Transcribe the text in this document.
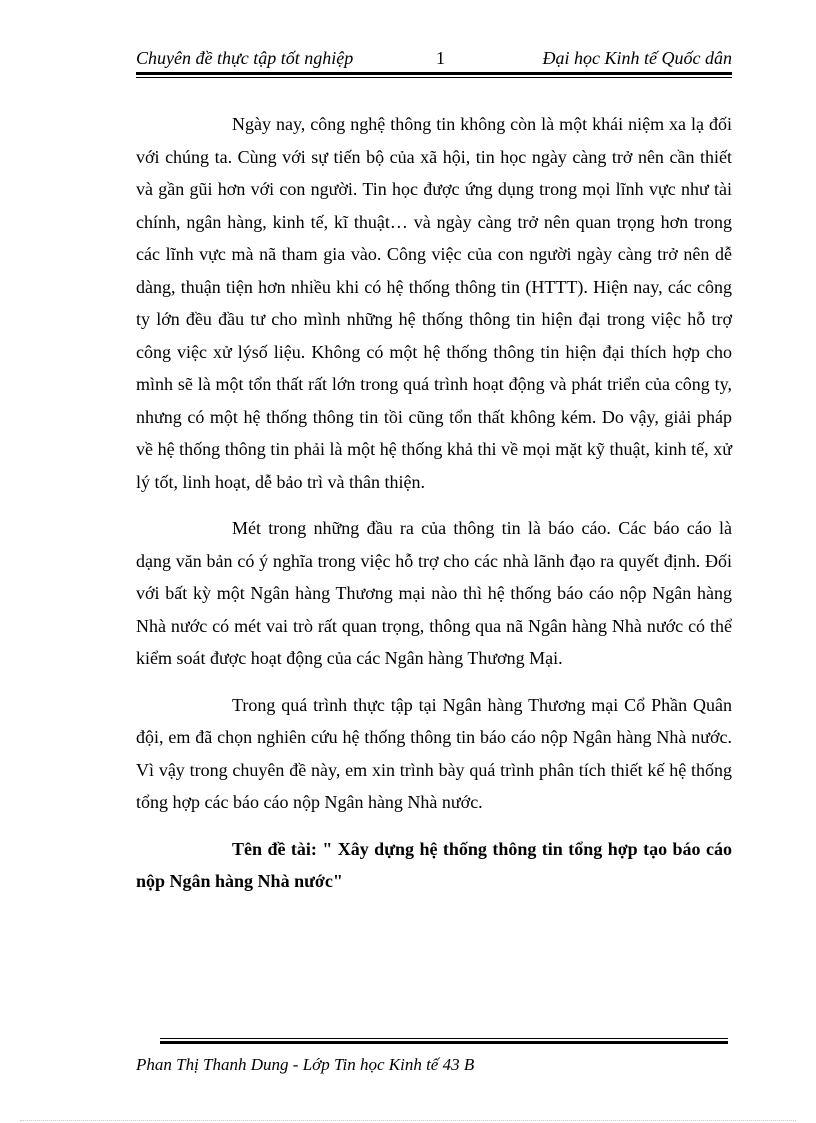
Chuyên đề thực tập tốt nghiệp	1	Đại học Kinh tế Quốc dân

Ngày nay, công nghệ thông tin không còn là một khái niệm xa lạ đối với chúng ta. Cùng với sự tiến bộ của xã hội, tin học ngày càng trở nên cần thiết và gần gũi hơn với con người. Tin học được ứng dụng trong mọi lĩnh vực như tài chính, ngân hàng, kinh tế, kĩ thuật… và ngày càng trở nên quan trọng hơn trong các lĩnh vực mà nã tham gia vào. Công việc của con người ngày càng trở nên dễ dàng, thuận tiện hơn nhiều khi có hệ thống thông tin (HTTT). Hiện nay, các công ty lớn đều đầu tư cho mình những hệ thống thông tin hiện đại trong việc hỗ trợ công việc xử lýsố liệu. Không có một hệ thống thông tin hiện đại thích hợp cho mình sẽ là một tổn thất rất lớn trong quá trình hoạt động và phát triển của công ty, nhưng có một hệ thống thông tin tồi cũng tổn thất không kém. Do vậy, giải pháp về hệ thống thông tin phải là một hệ thống khả thi về mọi mặt kỹ thuật, kinh tế, xử lý tốt, linh hoạt, dễ bảo trì và thân thiện.

Mét trong những đầu ra của thông tin là báo cáo. Các báo cáo là dạng văn bản có ý nghĩa trong việc hỗ trợ cho các nhà lãnh đạo ra quyết định. Đối với bất kỳ một Ngân hàng Thương mại nào thì hệ thống báo cáo nộp Ngân hàng Nhà nước có mét vai trò rất quan trọng, thông qua nã Ngân hàng Nhà nước có thể kiểm soát được hoạt động của các Ngân hàng Thương Mại.

Trong quá trình thực tập tại Ngân hàng Thương mại Cổ Phần Quân đội, em đã chọn nghiên cứu hệ thống thông tin báo cáo nộp Ngân hàng Nhà nước. Vì vậy trong chuyên đề này, em xin trình bày quá trình phân tích thiết kế hệ thống tổng hợp các báo cáo nộp Ngân hàng Nhà nước.

Tên đề tài: " Xây dựng hệ thống thông tin tổng hợp tạo báo cáo nộp Ngân hàng Nhà nước"

Phan Thị Thanh Dung - Lớp Tin học Kinh tế 43 B
